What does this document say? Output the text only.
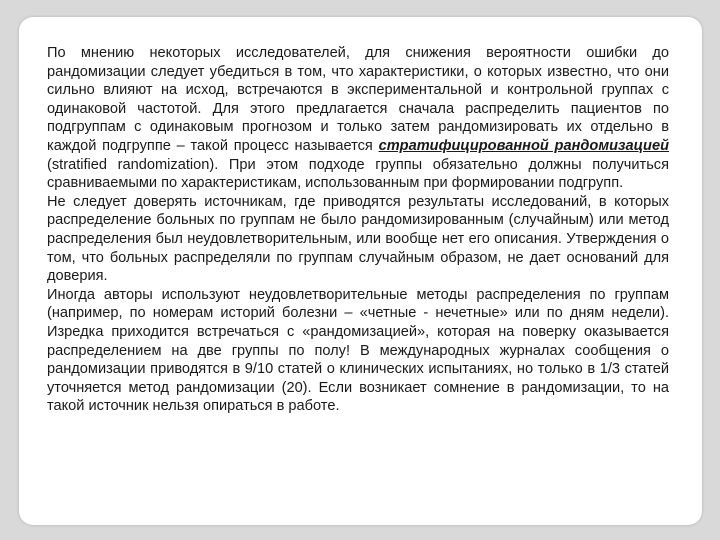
По мнению некоторых исследователей, для снижения вероятности ошибки до рандомизации следует убедиться в том, что характеристики, о которых известно, что они сильно влияют на исход, встречаются в экспериментальной и контрольной группах с одинаковой частотой. Для этого предлагается сначала распределить пациентов по подгруппам с одинаковым прогнозом и только затем рандомизировать их отдельно в каждой подгруппе – такой процесс называется стратифицированной рандомизацией (stratified randomization). При этом подходе группы обязательно должны получиться сравниваемыми по характеристикам, использованным при формировании подгрупп.

Не следует доверять источникам, где приводятся результаты исследований, в которых распределение больных по группам не было рандомизированным (случайным) или метод распределения был неудовлетворительным, или вообще нет его описания. Утверждения о том, что больных распределяли по группам случайным образом, не дает оснований для доверия.

Иногда авторы используют неудовлетворительные методы распределения по группам (например, по номерам историй болезни – «четные - нечетные» или по дням недели). Изредка приходится встречаться с «рандомизацией», которая на поверку оказывается распределением на две группы по полу! В международных журналах сообщения о рандомизации приводятся в 9/10 статей о клинических испытаниях, но только в 1/3 статей уточняется метод рандомизации (20). Если возникает сомнение в рандомизации, то на такой источник нельзя опираться в работе.
